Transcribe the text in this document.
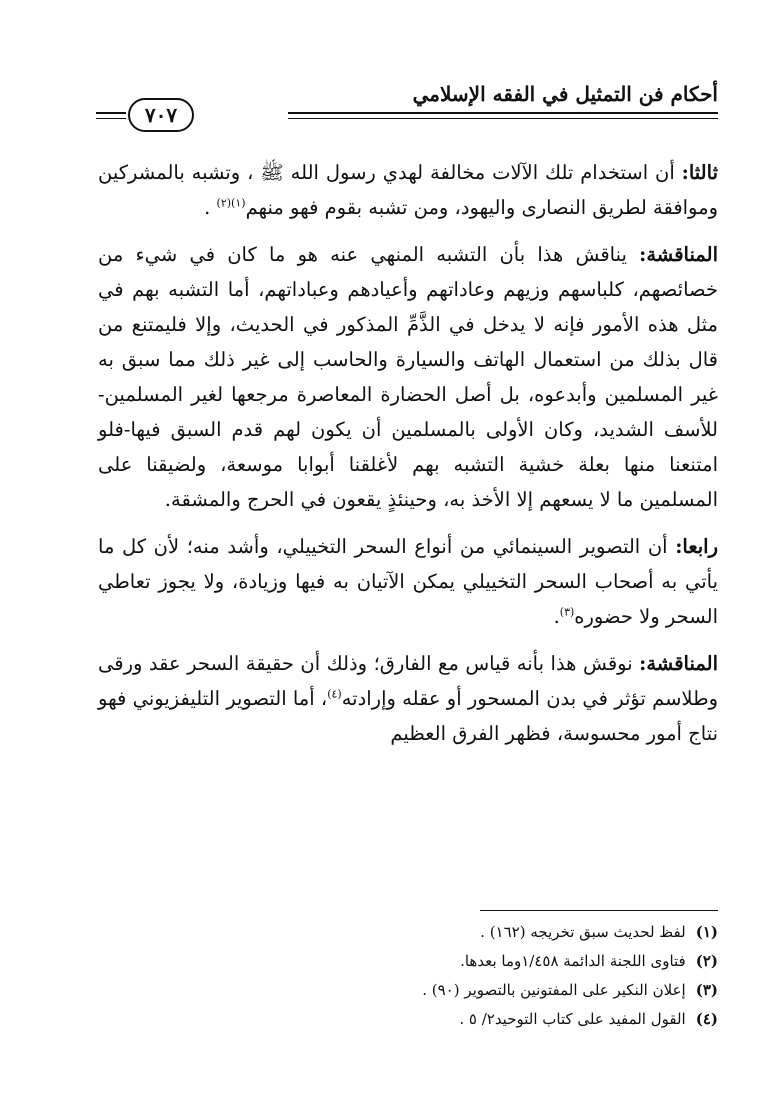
٧٠٧
أحكام فن التمثيل في الفقه الإسلامي

ثالثا: أن استخدام تلك الآلات مخالفة لهدي رسول الله ﷺ ، وتشبه بالمشركين وموافقة لطريق النصارى واليهود، ومن تشبه بقوم فهو منهم$^{(١)(٢)}$ .

المناقشة: يناقش هذا بأن التشبه المنهي عنه هو ما كان في شيء من خصائصهم، كلباسهم وزيهم وعاداتهم وأعيادهم وعباداتهم، أما التشبه بهم في مثل هذه الأمور فإنه لا يدخل في الذَّمِّ المذكور في الحديث، وإلا فليمتنع من قال بذلك من استعمال الهاتف والسيارة والحاسب إلى غير ذلك مما سبق به غير المسلمين وأبدعوه، بل أصل الحضارة المعاصرة مرجعها لغير المسلمين-للأسف الشديد، وكان الأولى بالمسلمين أن يكون لهم قدم السبق فيها-فلو امتنعنا منها بعلة خشية التشبه بهم لأغلقنا أبوابا موسعة، ولضيقنا على المسلمين ما لا يسعهم إلا الأخذ به، وحينئذٍ يقعون في الحرج والمشقة.

رابعا: أن التصوير السينمائي من أنواع السحر التخييلي، وأشد منه؛ لأن كل ما يأتي به أصحاب السحر التخييلي يمكن الآتيان به فيها وزيادة، ولا يجوز تعاطي السحر ولا حضوره$^{(٣)}$.

المناقشة: نوقش هذا بأنه قياس مع الفارق؛ وذلك أن حقيقة السحر عقد ورقى وطلاسم تؤثر في بدن المسحور أو عقله وإرادته$^{(٤)}$، أما التصوير التليفزيوني فهو نتاج أمور محسوسة، فظهر الفرق العظيم

(١)
لفظ لحديث سبق تخريجه (١٦٢) .
(٢)
فتاوى اللجنة الدائمة ١/٤٥٨وما بعدها.
(٣)
إعلان النكير على المفتونين بالتصوير (٩٠) .
(٤)
القول المفيد على كتاب التوحيد٢/ ٥ .
